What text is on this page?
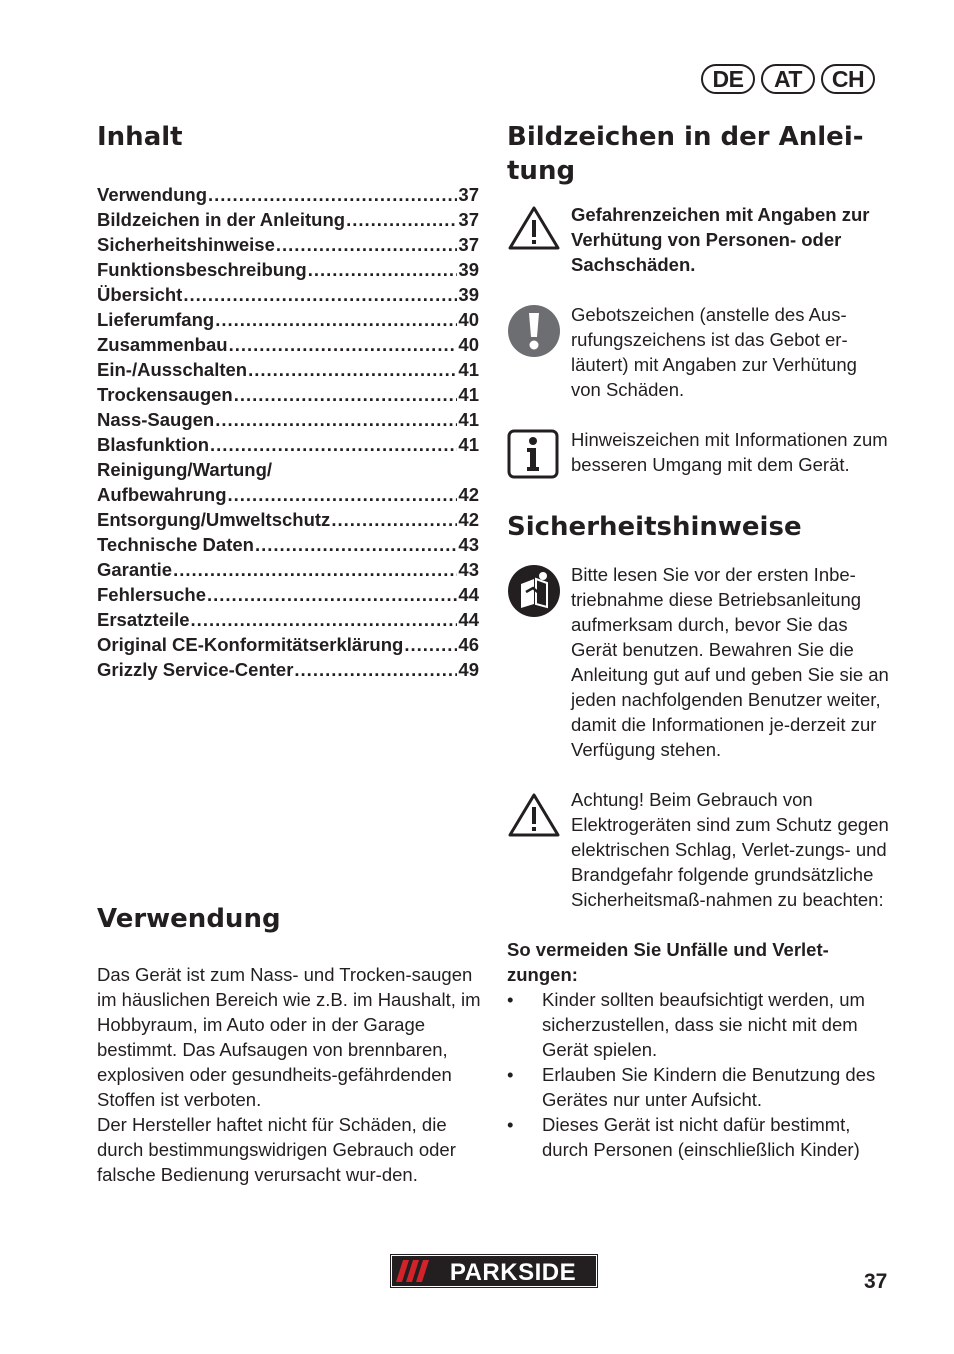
DE	AT	CH
Inhalt
Verwendung .....	37
Bildzeichen in der Anleitung .....	37
Sicherheitshinweise .....	37
Funktionsbeschreibung .....	39
Übersicht .....	39
Lieferumfang .....	40
Zusammenbau .....	40
Ein-/Ausschalten .....	41
Trockensaugen .....	41
Nass-Saugen .....	41
Blasfunktion .....	41
Reinigung/Wartung/
Aufbewahrung .....	42
Entsorgung/Umweltschutz .....	42
Technische Daten .....	43
Garantie .....	43
Fehlersuche .....	44
Ersatzteile .....	44
Original CE-Konformitätserklärung .....	46
Grizzly Service-Center .....	49
Verwendung

Das Gerät ist zum Nass- und Trocken-saugen im häuslichen Bereich wie z.B. im Haushalt, im Hobbyraum, im Auto oder in der Garage bestimmt. Das Aufsaugen von brennbaren, explosiven oder gesundheits-gefährdenden Stoffen ist verboten.

Der Hersteller haftet nicht für Schäden, die durch bestimmungswidrigen Gebrauch oder falsche Bedienung verursacht wur-den.

Bildzeichen in der Anlei-
tung
Gefahrenzeichen mit Angaben zur Verhütung von Personen- oder Sachschäden.
Gebotszeichen (anstelle des Aus-rufungszeichens ist das Gebot er-läutert) mit Angaben zur Verhütung von Schäden.
Hinweiszeichen mit Informationen zum besseren Umgang mit dem Gerät.
Sicherheitshinweise
Bitte lesen Sie vor der ersten Inbe-triebnahme diese Betriebsanleitung aufmerksam durch, bevor Sie das Gerät benutzen. Bewahren Sie die Anleitung gut auf und geben Sie sie an jeden nachfolgenden Benutzer weiter, damit die Informationen je-derzeit zur Verfügung stehen.
Achtung! Beim Gebrauch von Elektrogeräten sind zum Schutz gegen elektrischen Schlag, Verlet-zungs- und Brandgefahr folgende grundsätzliche Sicherheitsmaß-nahmen zu beachten:
So vermeiden Sie Unfälle und Verlet-zungen:
• Kinder sollten beaufsichtigt werden, um sicherzustellen, dass sie nicht mit dem Gerät spielen.
• Erlauben Sie Kindern die Benutzung des Gerätes nur unter Aufsicht.
• Dieses Gerät ist nicht dafür bestimmt, durch Personen (einschließlich Kinder)
PARKSIDE	37
